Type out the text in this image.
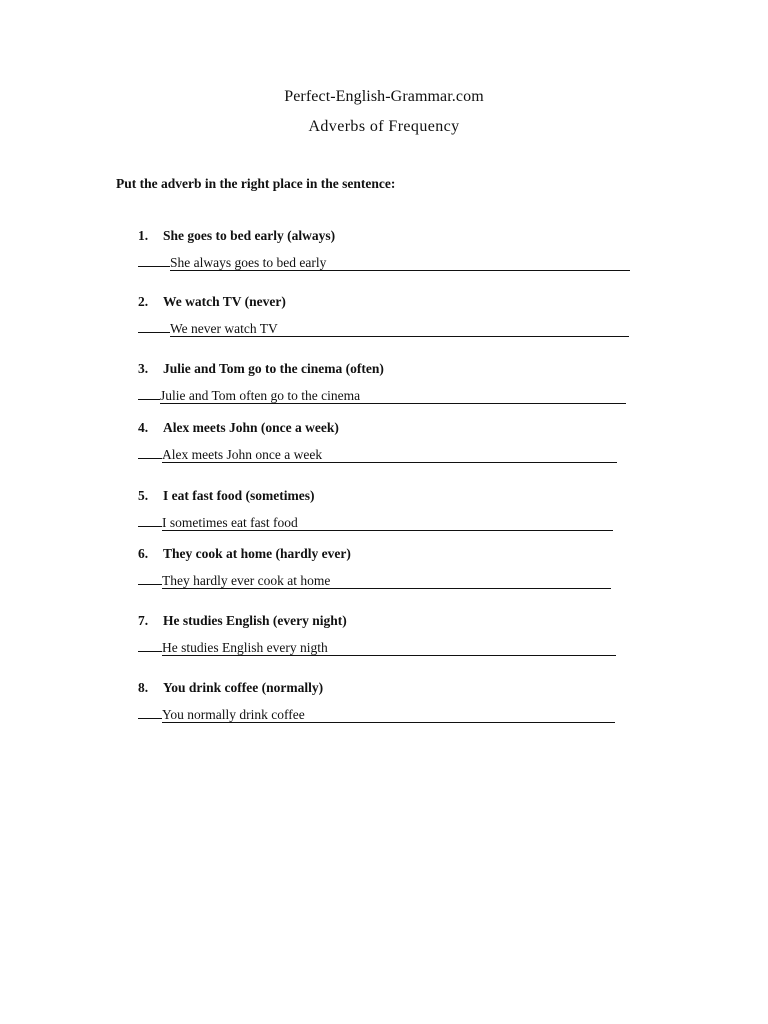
Perfect-English-Grammar.com
Adverbs of Frequency
Put the adverb in the right place in the sentence:
1. She goes to bed early (always)
She always goes to bed early
2. We watch TV (never)
We never watch TV
3. Julie and Tom go to the cinema (often)
Julie and Tom often go to the cinema
4. Alex meets John (once a week)
Alex meets John once a week
5. I eat fast food (sometimes)
I sometimes eat fast food
6. They cook at home (hardly ever)
They hardly ever cook at home
7. He studies English (every night)
He studies English every nigth
8. You drink coffee (normally)
You normally drink coffee
